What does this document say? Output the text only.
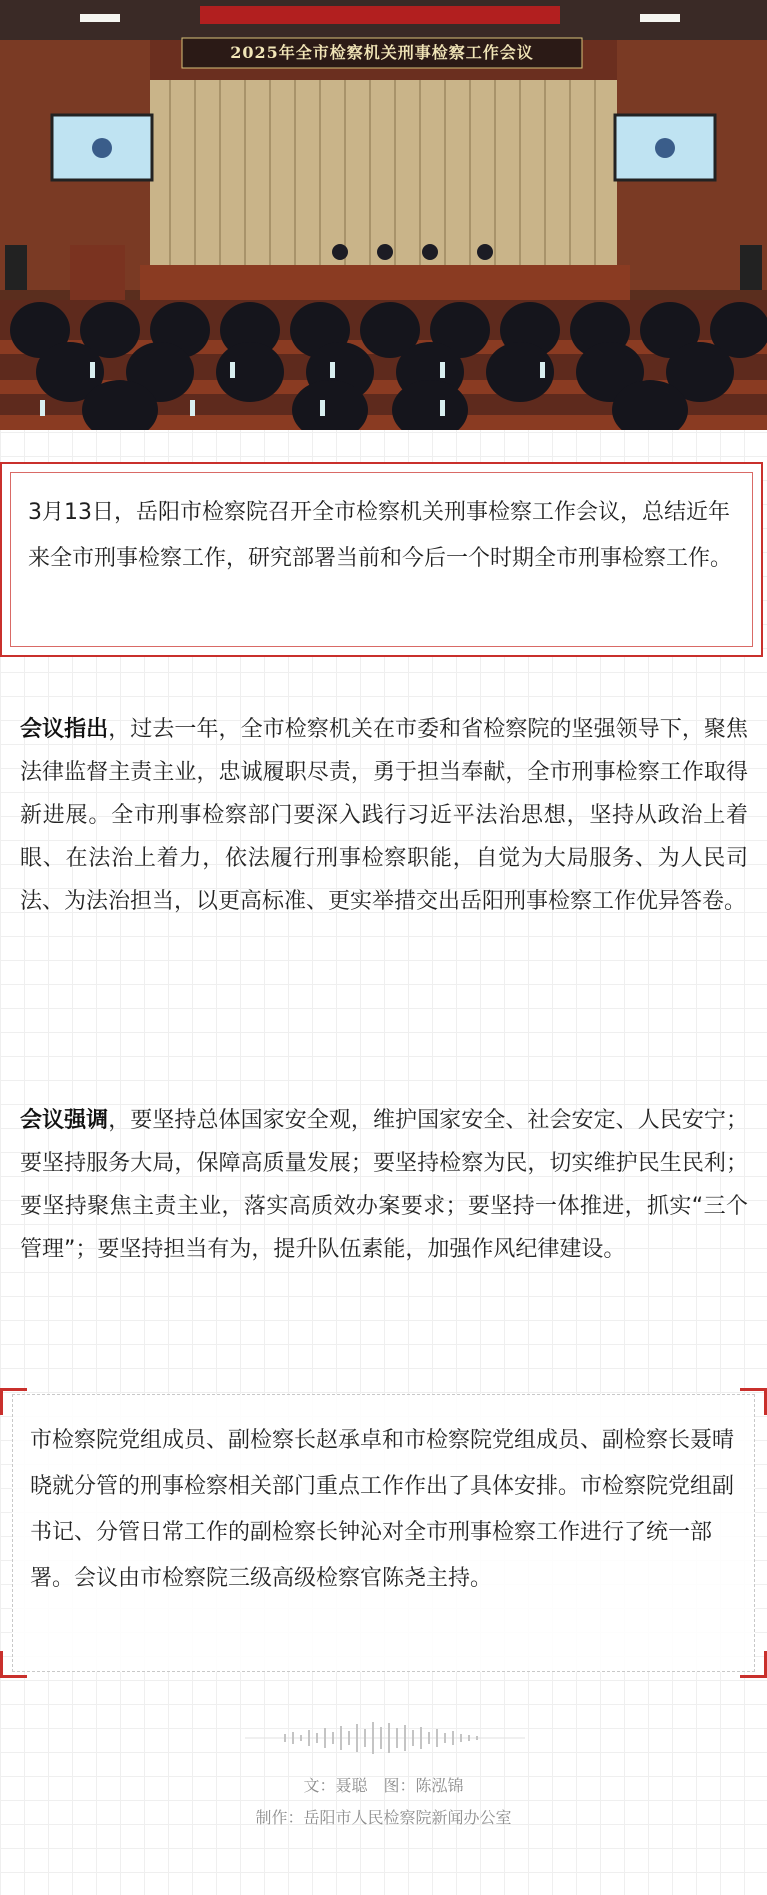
2025年全市检察机关刑事检察工作会议
3月13日，岳阳市检察院召开全市检察机关刑事检察工作会议，总结近年来全市刑事检察工作，研究部署当前和今后一个时期全市刑事检察工作。
会议指出，过去一年，全市检察机关在市委和省检察院的坚强领导下，聚焦法律监督主责主业，忠诚履职尽责，勇于担当奉献，全市刑事检察工作取得新进展。全市刑事检察部门要深入践行习近平法治思想，坚持从政治上着眼、在法治上着力，依法履行刑事检察职能，自觉为大局服务、为人民司法、为法治担当，以更高标准、更实举措交出岳阳刑事检察工作优异答卷。
会议强调，要坚持总体国家安全观，维护国家安全、社会安定、人民安宁；要坚持服务大局，保障高质量发展；要坚持检察为民，切实维护民生民利；要坚持聚焦主责主业，落实高质效办案要求；要坚持一体推进，抓实“三个管理”；要坚持担当有为，提升队伍素能，加强作风纪律建设。
市检察院党组成员、副检察长赵承卓和市检察院党组成员、副检察长聂晴晓就分管的刑事检察相关部门重点工作作出了具体安排。市检察院党组副书记、分管日常工作的副检察长钟沁对全市刑事检察工作进行了统一部署。会议由市检察院三级高级检察官陈尧主持。
文：聂聪 图：陈泓锦
制作：岳阳市人民检察院新闻办公室
